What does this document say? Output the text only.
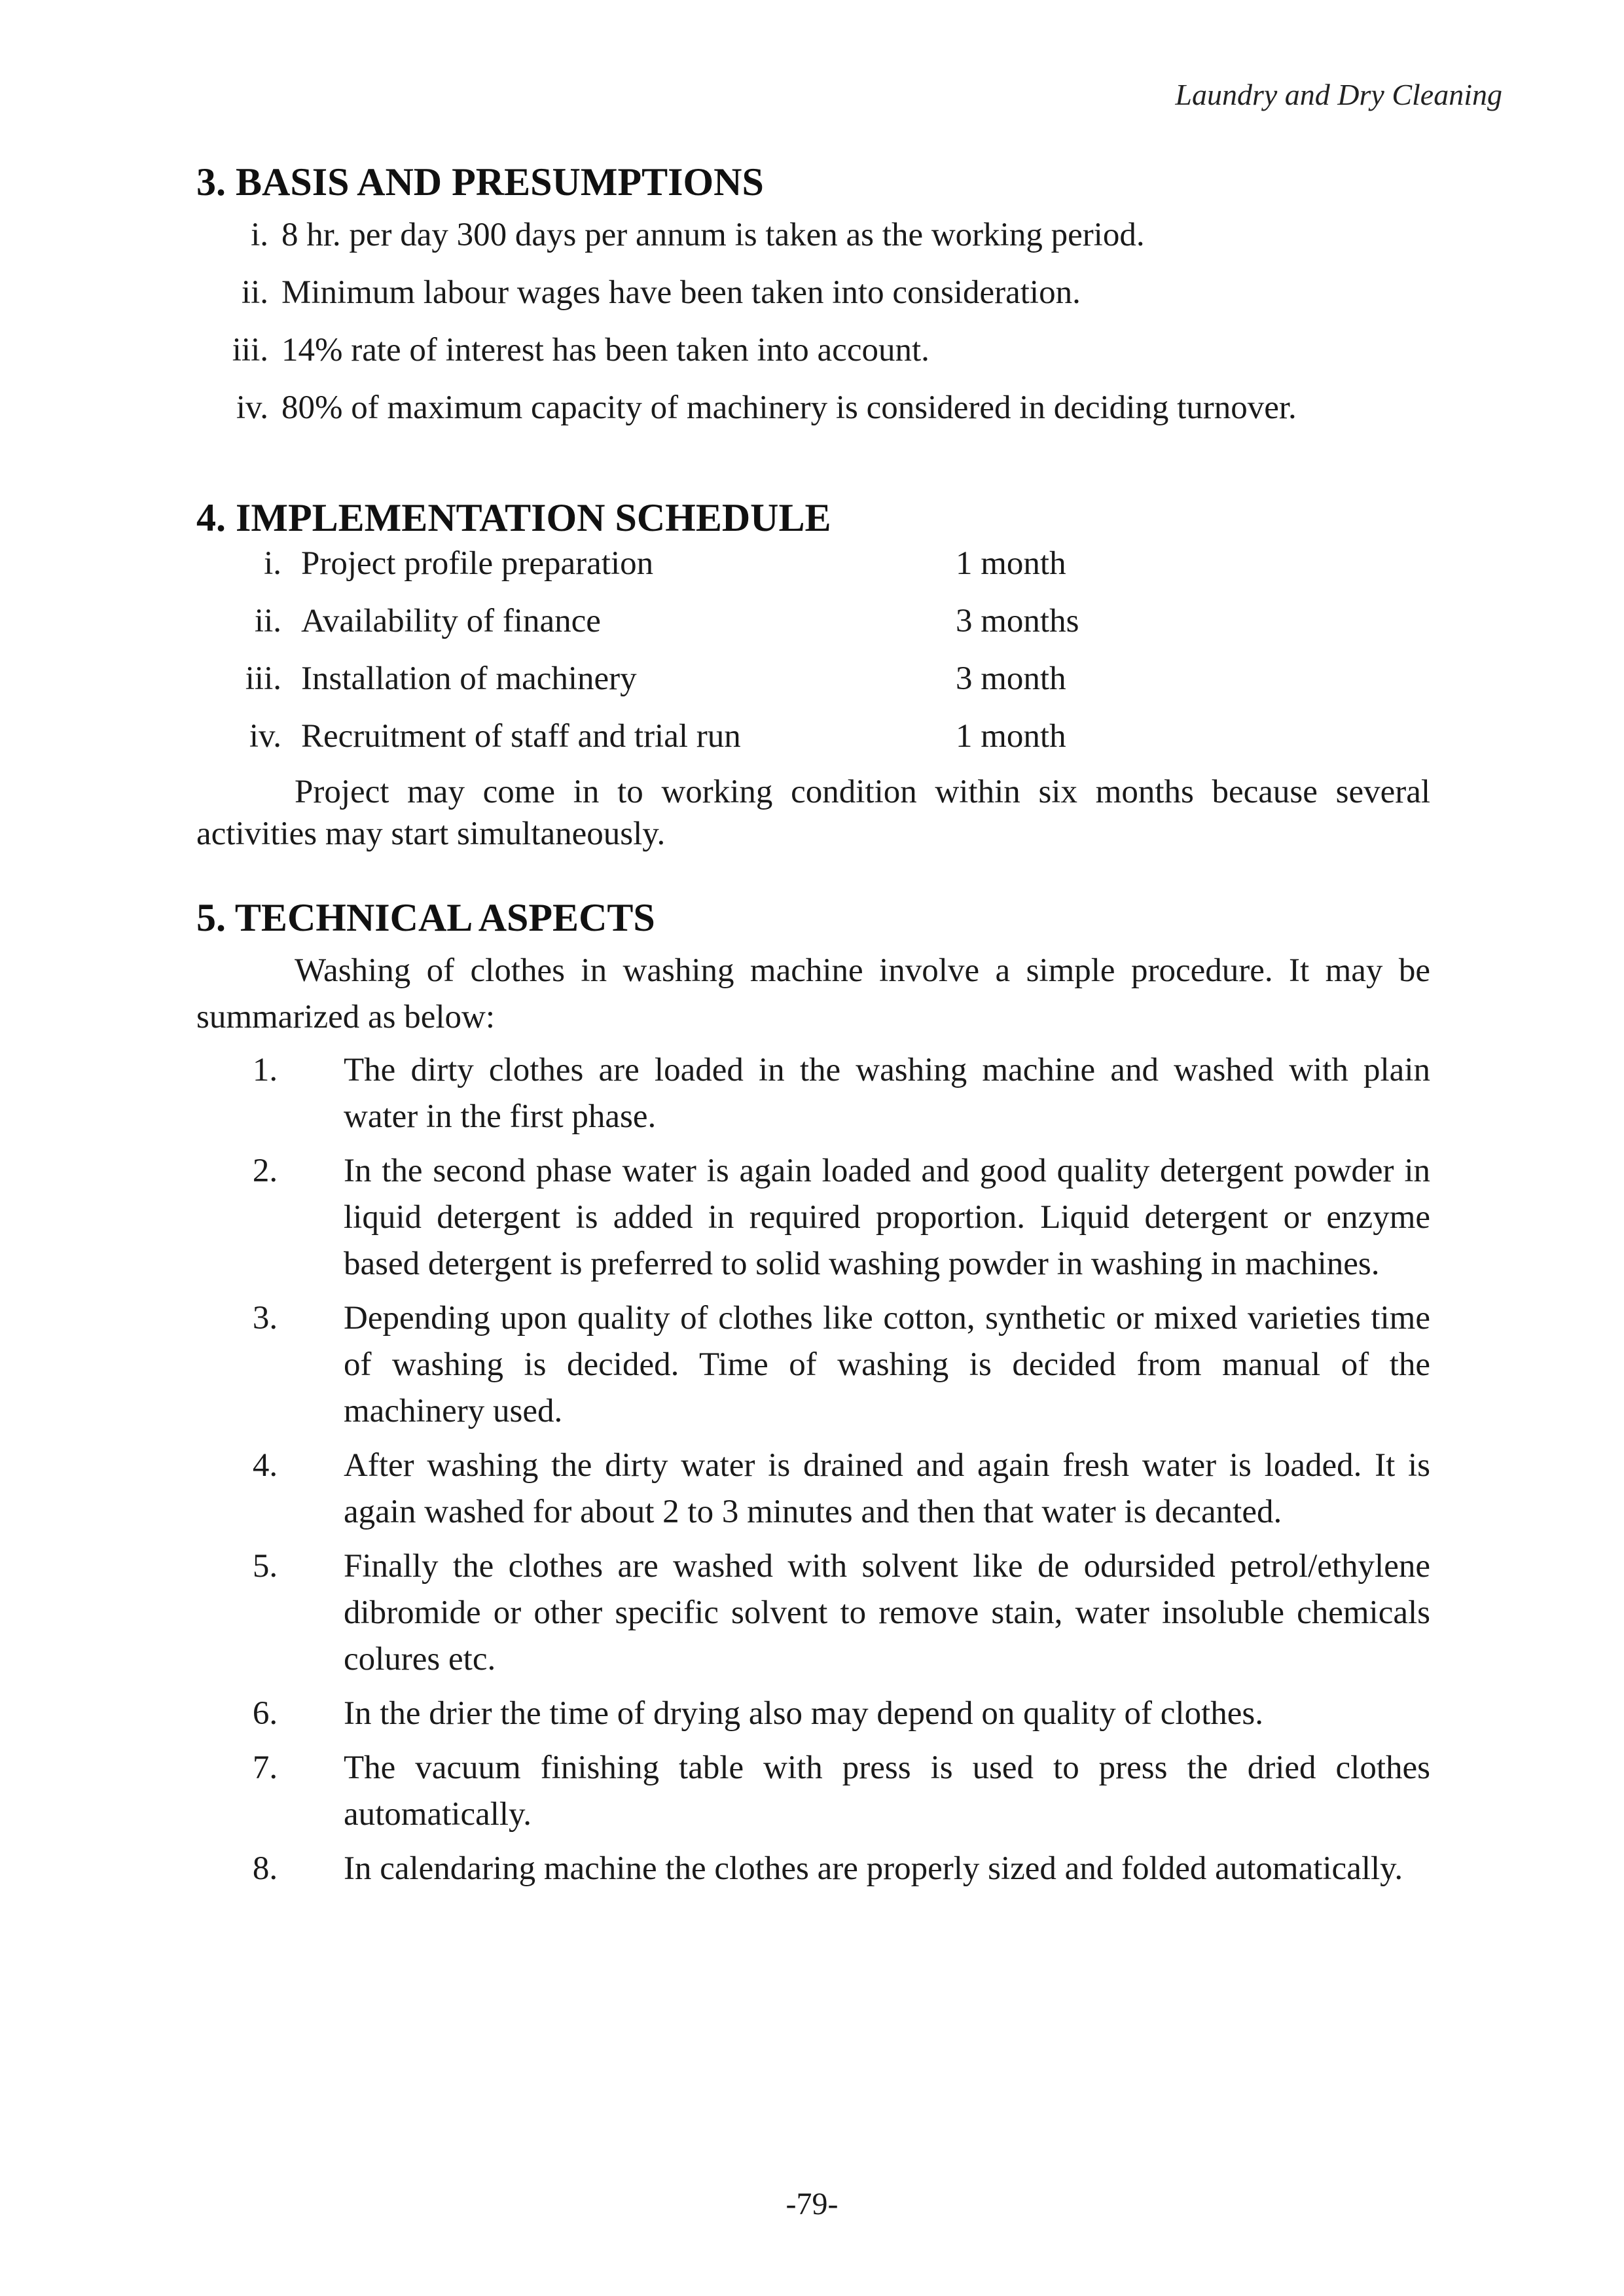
Laundry and Dry Cleaning
3. BASIS AND PRESUMPTIONS
i. 8 hr. per day 300 days per annum is taken as the working period.
ii. Minimum labour wages have been taken into consideration.
iii. 14% rate of interest has been taken into account.
iv. 80% of maximum capacity of machinery is considered in deciding turnover.
4. IMPLEMENTATION SCHEDULE
i. Project profile preparation	1 month
ii. Availability of finance	3 months
iii. Installation of machinery	3 month
iv. Recruitment of staff and trial run	1 month

Project may come in to working condition within six months because several activities may start simultaneously.

5. TECHNICAL ASPECTS

Washing of clothes in washing machine involve a simple procedure. It may be summarized as below:

1.	The dirty clothes are loaded in the washing machine and washed with plain water in the first phase.
2.	In the second phase water is again loaded and good quality detergent powder in liquid detergent is added in required proportion. Liquid detergent or enzyme based detergent is preferred to solid washing powder in washing in machines.
3.	Depending upon quality of clothes like cotton, synthetic or mixed varieties time of washing is decided. Time of washing is decided from manual of the machinery used.
4.	After washing the dirty water is drained and again fresh water is loaded. It is again washed for about 2 to 3 minutes and then that water is decanted.
5.	Finally the clothes are washed with solvent like de odursided petrol/ethylene dibromide or other specific solvent to remove stain, water insoluble chemicals colures etc.
6.	In the drier the time of drying also may depend on quality of clothes.
7.	The vacuum finishing table with press is used to press the dried clothes automatically.
8.	In calendaring machine the clothes are properly sized and folded automatically.
-79-
